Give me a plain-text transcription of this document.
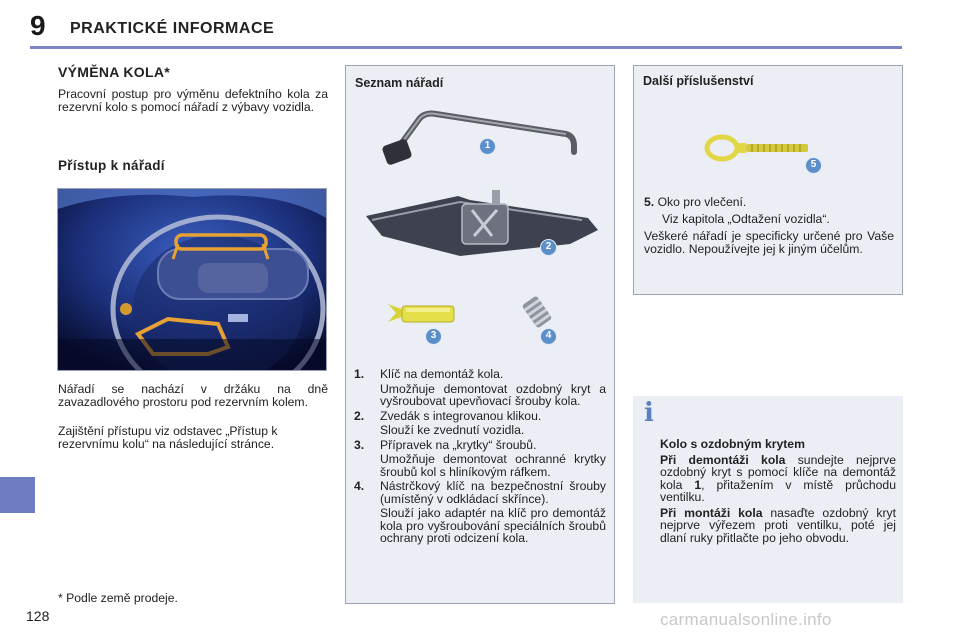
9 PRAKTICKÉ INFORMACE
128
VÝMĚNA KOLA*
Pracovní postup pro výměnu defektního kola za rezervní kolo s pomocí nářadí z výbavy vozidla.
Přístup k nářadí
Nářadí se nachází v držáku na dně zavazadlového prostoru pod rezervním kolem.
Zajištění přístupu viz odstavec „Přístup k rezervnímu kolu“ na následující stránce.
* Podle země prodeje.
Seznam nářadí
1
2
3	4
1. Klíč na demontáž kola.
Umožňuje demontovat ozdobný kryt a vyšroubovat upevňovací šrouby kola.
2. Zvedák s integrovanou klikou.
Slouží ke zvednutí vozidla.
3. Přípravek na „krytky“ šroubů.
Umožňuje demontovat ochranné krytky šroubů kol s hliníkovým ráfkem.
4. Nástrčkový klíč na bezpečnostní šrouby (umístěný v odkládací skřínce).
Slouží jako adaptér na klíč pro demontáž kola pro vyšroubování speciálních šroubů ochrany proti odcizení kola.
Další příslušenství
5
5. Oko pro vlečení.
Viz kapitola „Odtažení vozidla“.
Veškeré nářadí je specificky určené pro Vaše vozidlo. Nepoužívejte jej k jiným účelům.
i

Kolo s ozdobným krytem

Při demontáži kola sundejte nejprve ozdobný kryt s pomocí klíče na demontáž kola 1, přitažením v místě průchodu ventilku.

Při montáži kola nasaďte ozdobný kryt nejprve výřezem proti ventilku, poté jej dlaní ruky přitlačte po jeho obvodu.

carmanualsonline.info
